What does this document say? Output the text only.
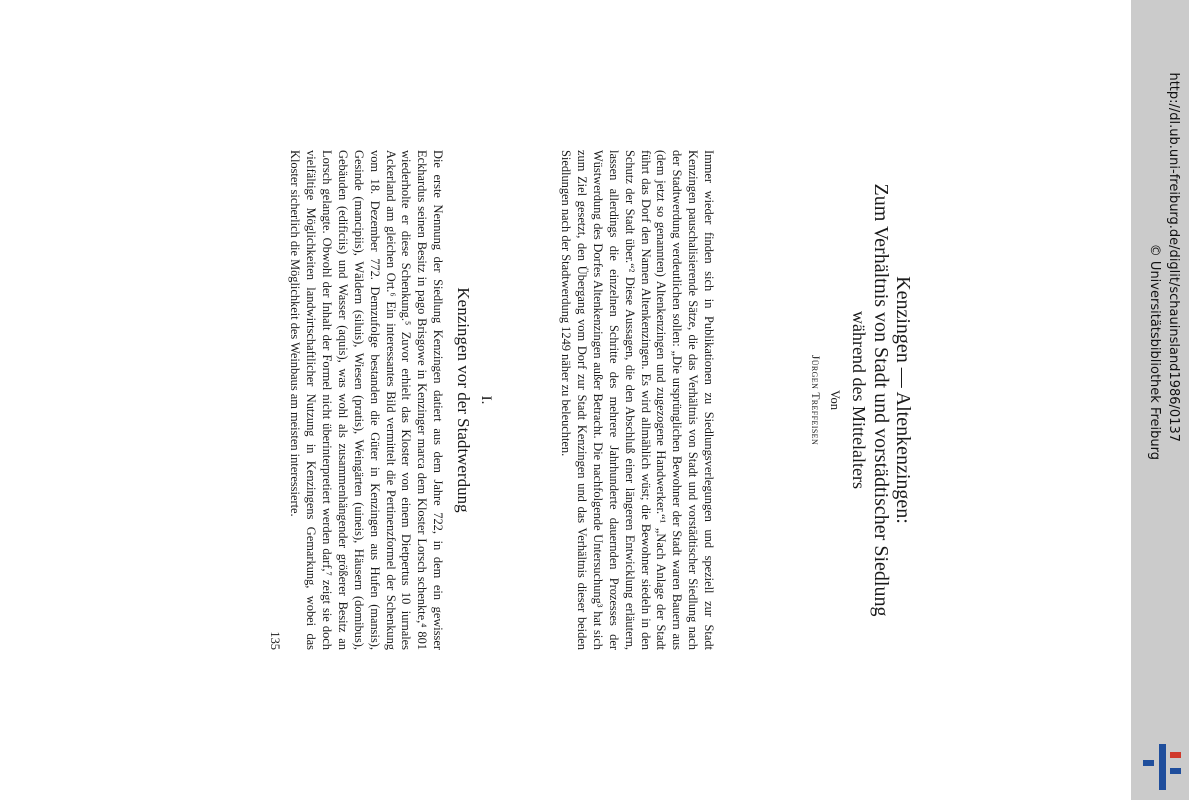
Kenzingen — Altenkenzingen:
Zum Verhältnis von Stadt und vorstädtischer Siedlung
während des Mittelalters
Von
Jürgen Treffeisen

Immer wieder finden sich in Publikationen zu Siedlungsverlegungen und speziell zur Stadt Kenzingen pauschalisierende Sätze, die das Verhältnis von Stadt und vorstädtischer Siedlung nach der Stadtwerdung verdeutlichen sollen: „Die ursprünglichen Bewohner der Stadt waren Bauern aus (dem jetzt so genannten) Altenkenzingen und zugezogene Handwerker.“¹ „Nach Anlage der Stadt führt das Dorf den Namen Altenkenzingen. Es wird allmählich wüst; die Bewohner siedeln in den Schutz der Stadt über.“² Diese Aussagen, die den Abschluß einer längeren Entwicklung erläutern, lassen allerdings die einzelnen Schritte des mehrere Jahrhunderte dauernden Prozesses der Wüstwerdung des Dorfes Altenkenzingen außer Betracht. Die nachfolgende Untersuchung³ hat sich zum Ziel gesetzt, den Übergang vom Dorf zur Stadt Kenzingen und das Verhältnis dieser beiden Siedlungen nach der Stadtwerdung 1249 näher zu beleuchten.

I.
Kenzingen vor der Stadtwerdung

Die erste Nennung der Siedlung Kenzingen datiert aus dem Jahre 722, in dem ein gewisser Eckhardus seinen Besitz in pago Brisgowe in Kenzinger marca dem Kloster Lorsch schenkte,⁴ 801 wiederholte er diese Schenkung.⁵ Zuvor erhielt das Kloster von einem Dietpertus 10 iurnales Ackerland am gleichen Ort.⁶ Ein interessantes Bild vermittelt die Pertinenzformel der Schenkung vom 18. Dezember 772. Demzufolge bestanden die Güter in Kenzingen aus Hufen (mansis), Gesinde (mancipiis), Wäldern (siluis), Wiesen (pratis), Weingärten (uineis), Häusern (domibus), Gebäuden (edificiis) und Wasser (aquis), was wohl als zusammenhängender größerer Besitz an Lorsch gelangte. Obwohl der Inhalt der Formel nicht überinterpretiert werden darf,⁷ zeigt sie doch vielfältige Möglichkeiten landwirtschaftlicher Nutzung in Kenzingens Gemarkung, wobei das Kloster sicherlich die Möglichkeit des Weinbaus am meisten interessierte.

135
http://dl.ub.uni-freiburg.de/diglit/schauinsland1986/0137
© Universitätsbibliothek Freiburg
